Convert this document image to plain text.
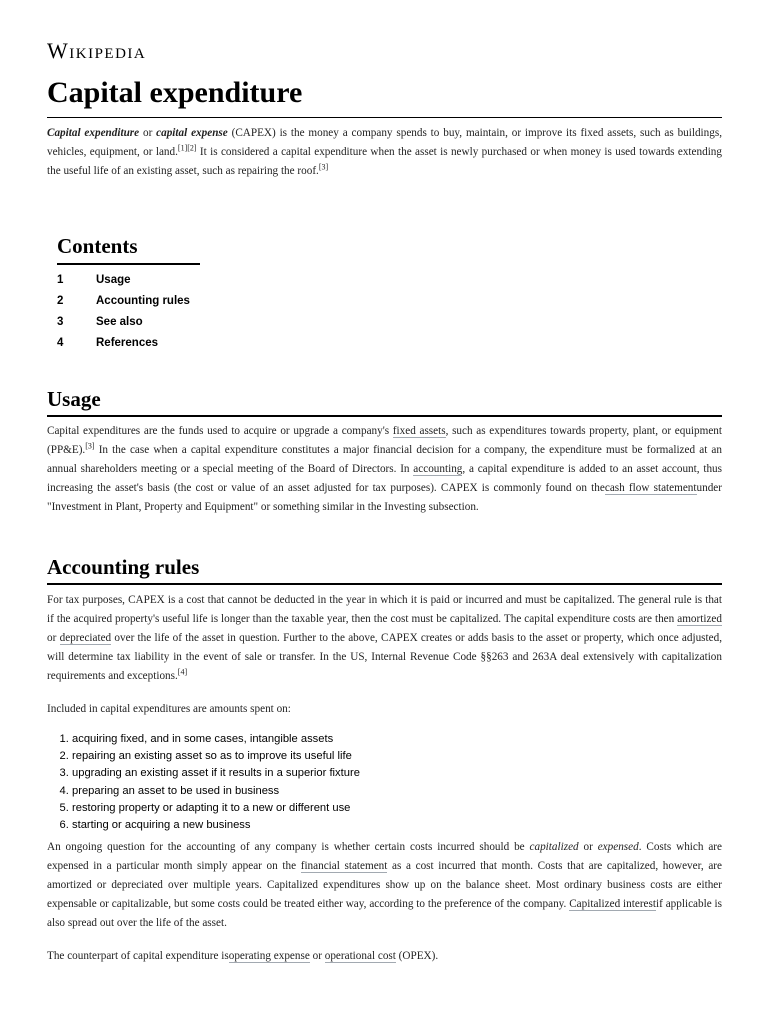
Wikipedia
Capital expenditure

Capital expenditure or capital expense (CAPEX) is the money a company spends to buy, maintain, or improve its fixed assets, such as buildings, vehicles, equipment, or land.[1][2] It is considered a capital expenditure when the asset is newly purchased or when money is used towards extending the useful life of an existing asset, such as repairing the roof.[3]

Contents
1	Usage
2	Accounting rules
3	See also
4	References
Usage

Capital expenditures are the funds used to acquire or upgrade a company's fixed assets, such as expenditures towards property, plant, or equipment (PP&E).[3] In the case when a capital expenditure constitutes a major financial decision for a company, the expenditure must be formalized at an annual shareholders meeting or a special meeting of the Board of Directors. In accounting, a capital expenditure is added to an asset account, thus increasing the asset's basis (the cost or value of an asset adjusted for tax purposes). CAPEX is commonly found on thecash flow statementunder "Investment in Plant, Property and Equipment" or something similar in the Investing subsection.

Accounting rules

For tax purposes, CAPEX is a cost that cannot be deducted in the year in which it is paid or incurred and must be capitalized. The general rule is that if the acquired property's useful life is longer than the taxable year, then the cost must be capitalized. The capital expenditure costs are then amortized or depreciated over the life of the asset in question. Further to the above, CAPEX creates or adds basis to the asset or property, which once adjusted, will determine tax liability in the event of sale or transfer. In the US, Internal Revenue Code §§263 and 263A deal extensively with capitalization requirements and exceptions.[4]

Included in capital expenditures are amounts spent on:

1. acquiring fixed, and in some cases, intangible assets
2. repairing an existing asset so as to improve its useful life
3. upgrading an existing asset if it results in a superior fixture
4. preparing an asset to be used in business
5. restoring property or adapting it to a new or different use
6. starting or acquiring a new business

An ongoing question for the accounting of any company is whether certain costs incurred should be capitalized or expensed. Costs which are expensed in a particular month simply appear on the financial statement as a cost incurred that month. Costs that are capitalized, however, are amortized or depreciated over multiple years. Capitalized expenditures show up on the balance sheet. Most ordinary business costs are either expensable or capitalizable, but some costs could be treated either way, according to the preference of the company. Capitalized interestif applicable is also spread out over the life of the asset.

The counterpart of capital expenditure isoperating expense or operational cost (OPEX).
